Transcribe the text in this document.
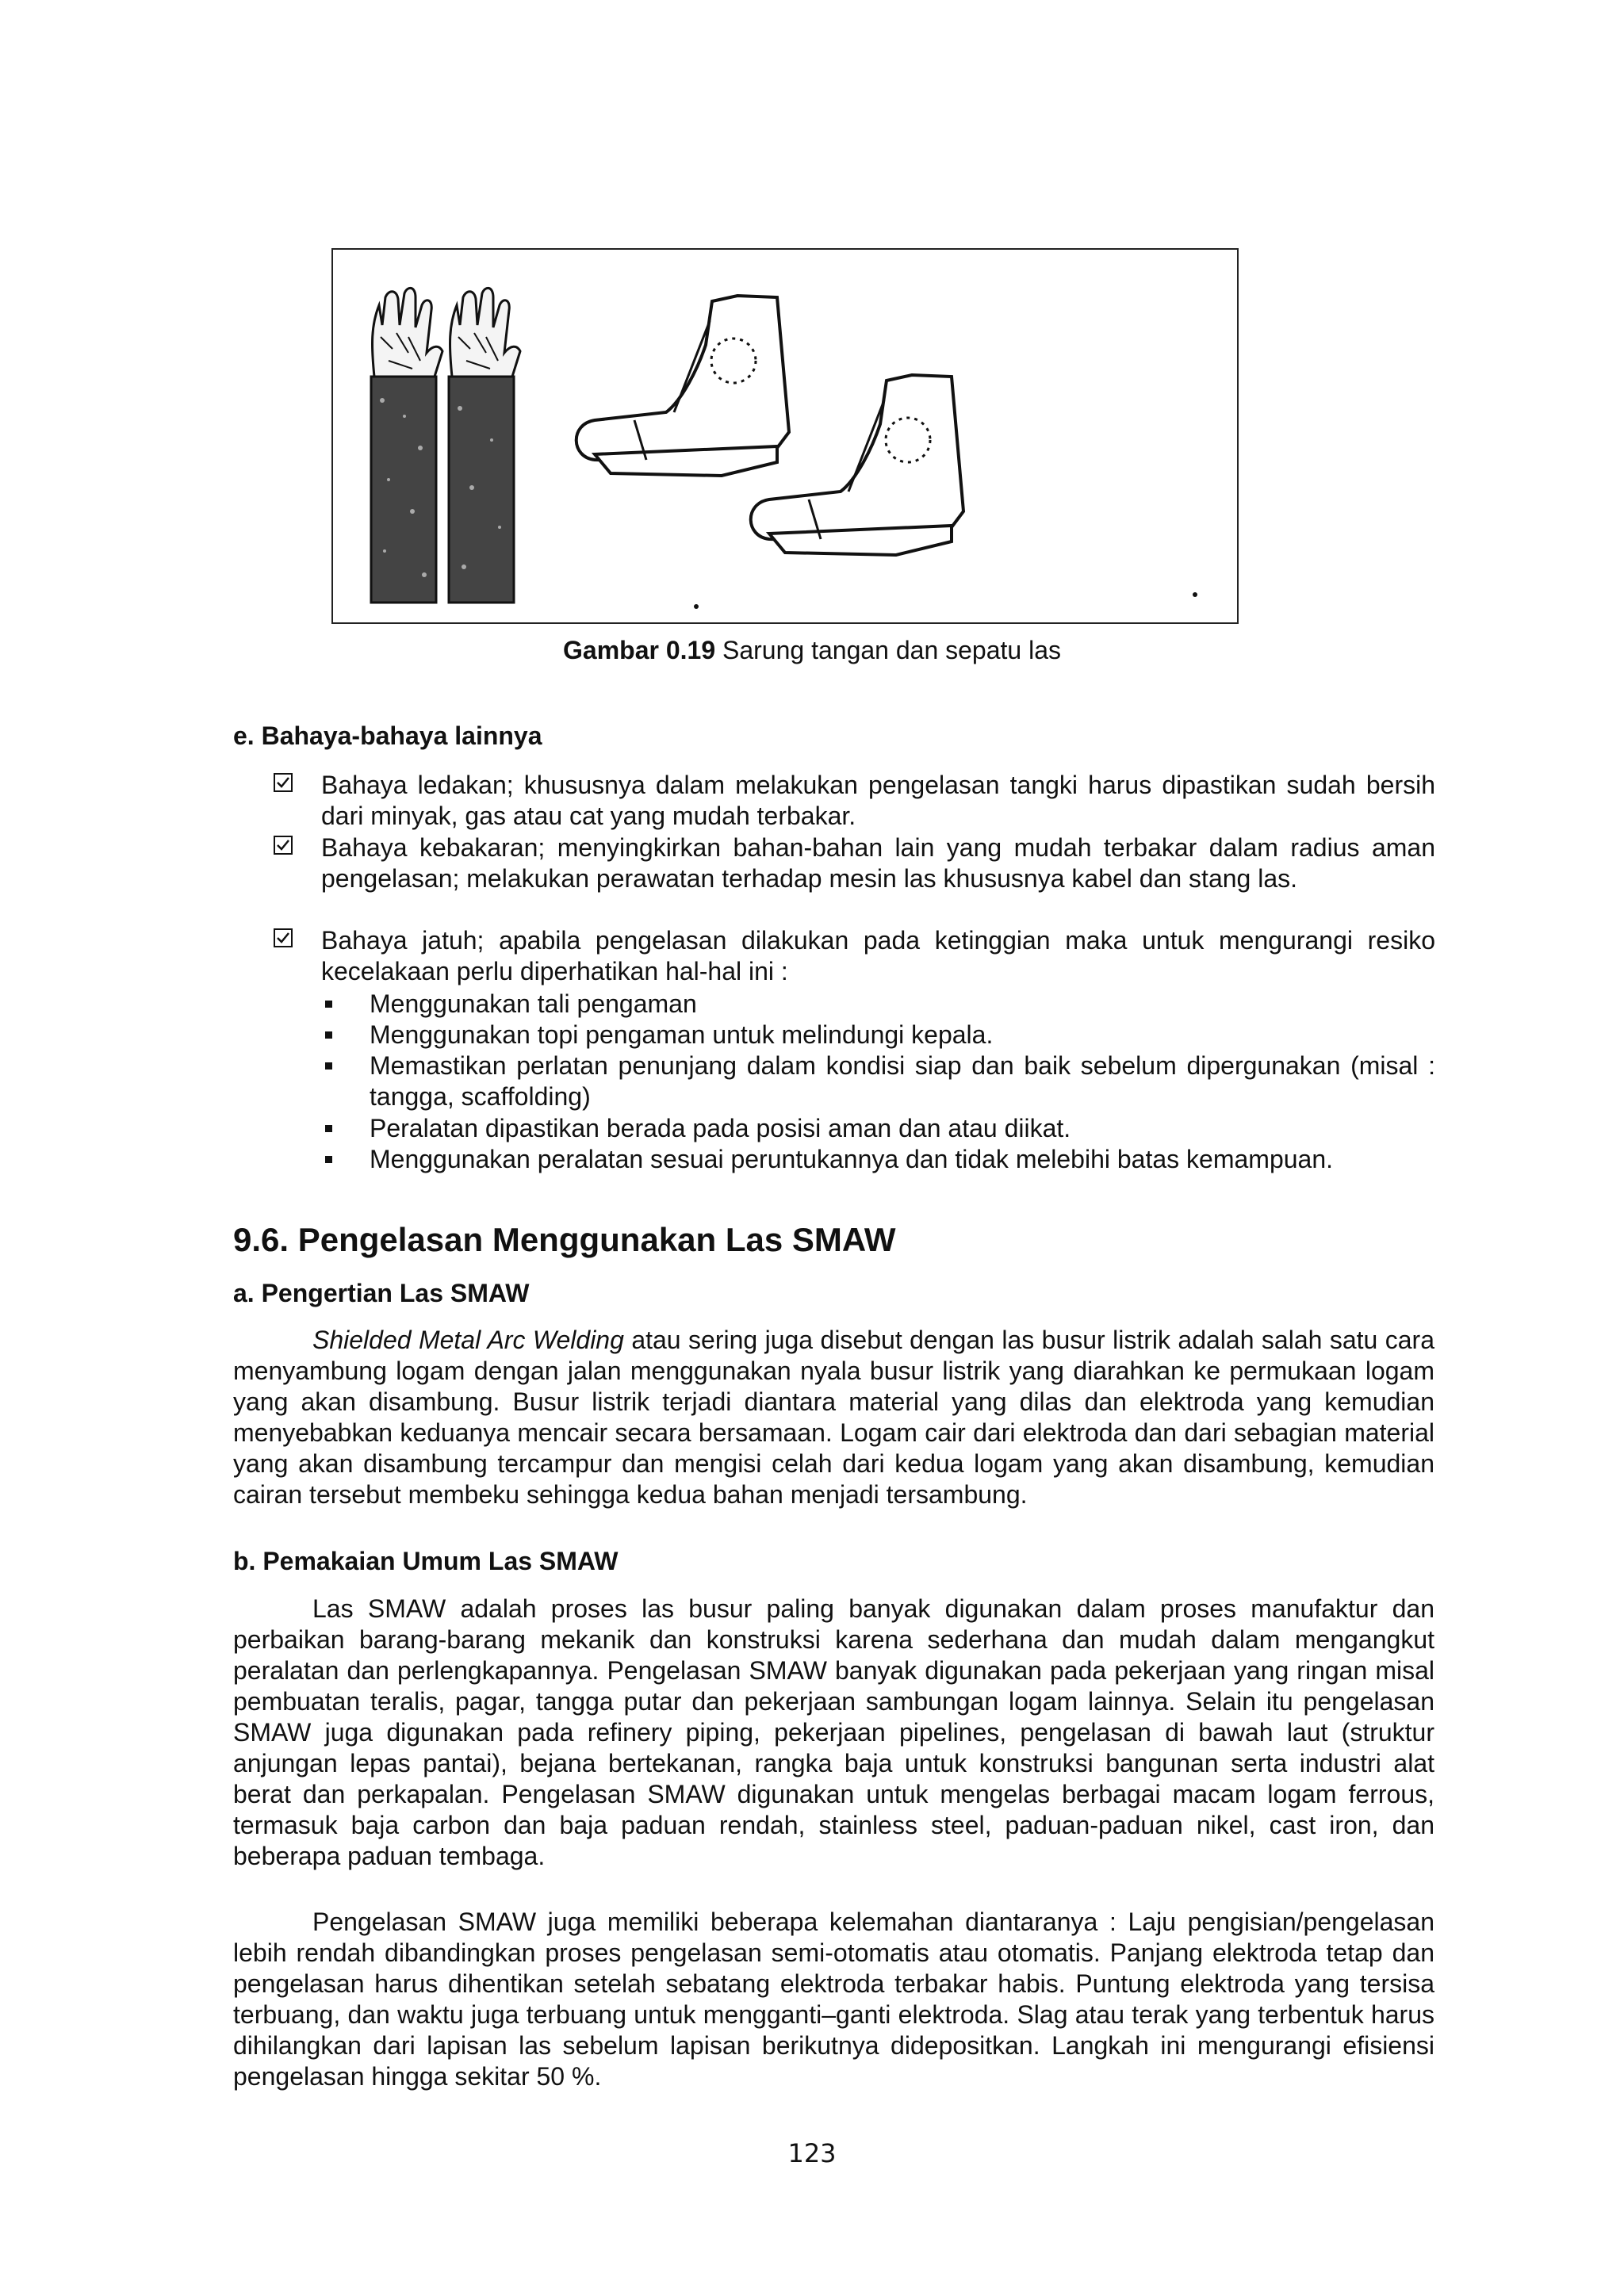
Gambar 0.19 Sarung tangan dan sepatu las
e. Bahaya-bahaya lainnya
Bahaya ledakan; khususnya dalam melakukan pengelasan tangki harus dipastikan sudah bersih dari minyak, gas atau cat yang mudah terbakar.
Bahaya kebakaran; menyingkirkan bahan-bahan lain yang mudah terbakar dalam radius aman pengelasan; melakukan perawatan terhadap mesin las khususnya kabel dan stang las.
Bahaya jatuh; apabila pengelasan dilakukan pada ketinggian maka untuk mengurangi resiko kecelakaan perlu diperhatikan hal-hal ini :
Menggunakan tali pengaman
Menggunakan topi pengaman untuk melindungi kepala.
Memastikan perlatan penunjang dalam kondisi siap dan baik sebelum dipergunakan (misal : tangga, scaffolding)
Peralatan dipastikan berada pada posisi aman dan atau diikat.
Menggunakan peralatan sesuai peruntukannya dan tidak melebihi batas kemampuan.
9.6. Pengelasan Menggunakan Las SMAW
a. Pengertian Las SMAW
Shielded Metal Arc Welding atau sering juga disebut dengan las busur listrik adalah salah satu cara menyambung logam dengan jalan menggunakan nyala busur listrik yang diarahkan ke permukaan logam yang akan disambung. Busur listrik terjadi diantara material yang dilas dan elektroda yang kemudian menyebabkan keduanya mencair secara bersamaan. Logam cair dari elektroda dan dari sebagian material yang akan disambung tercampur dan mengisi celah dari kedua logam yang akan disambung, kemudian cairan tersebut membeku sehingga kedua bahan menjadi tersambung.
b. Pemakaian Umum Las SMAW
Las SMAW adalah proses las busur paling banyak digunakan dalam proses manufaktur dan perbaikan barang-barang mekanik dan konstruksi karena sederhana dan mudah dalam mengangkut peralatan dan perlengkapannya. Pengelasan SMAW banyak digunakan pada pekerjaan yang ringan misal pembuatan teralis, pagar, tangga putar dan pekerjaan sambungan logam lainnya. Selain itu pengelasan SMAW juga digunakan pada refinery piping, pekerjaan pipelines, pengelasan di bawah laut (struktur anjungan lepas pantai), bejana bertekanan, rangka baja untuk konstruksi bangunan serta industri alat berat dan perkapalan. Pengelasan SMAW digunakan untuk mengelas berbagai macam logam ferrous, termasuk baja carbon dan baja paduan rendah, stainless steel, paduan-paduan nikel, cast iron, dan beberapa paduan tembaga.
Pengelasan SMAW juga memiliki beberapa kelemahan diantaranya : Laju pengisian/pengelasan lebih rendah dibandingkan proses pengelasan semi-otomatis atau otomatis. Panjang elektroda tetap dan pengelasan harus dihentikan setelah sebatang elektroda terbakar habis. Puntung elektroda yang tersisa terbuang, dan waktu juga terbuang untuk mengganti–ganti elektroda. Slag atau terak yang terbentuk harus dihilangkan dari lapisan las sebelum lapisan berikutnya didepositkan. Langkah ini mengurangi efisiensi pengelasan hingga sekitar 50 %.
123
